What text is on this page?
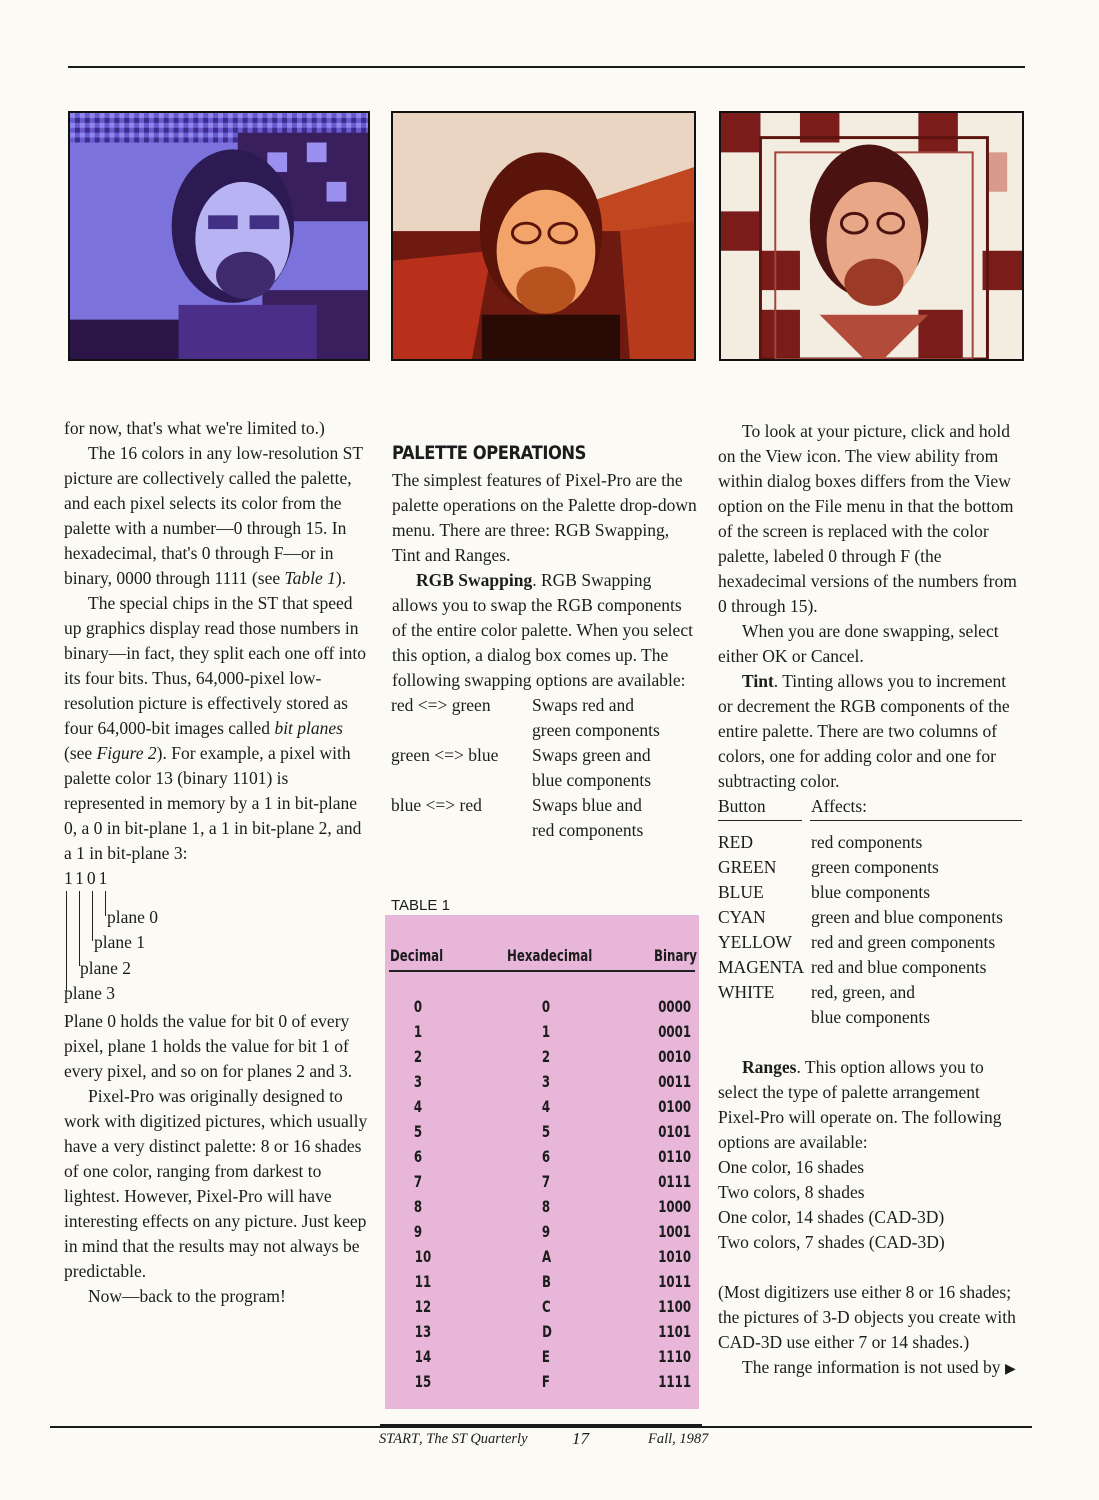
for now, that's what we're limited to.)

The 16 colors in any low-resolution ST picture are collectively called the palette, and each pixel selects its color from the palette with a number—0 through 15. In hexadecimal, that's 0 through F—or in binary, 0000 through 1111 (see Table 1).

The special chips in the ST that speed up graphics display read those numbers in binary—in fact, they split each one off into its four bits. Thus, 64,000-pixel low-resolution picture is effectively stored as four 64,000-bit images called bit planes (see Figure 2). For example, a pixel with palette color 13 (binary 1101) is represented in memory by a 1 in bit-plane 0, a 0 in bit-plane 1, a 1 in bit-plane 2, and a 1 in bit-plane 3:

1101
plane 0
plane 1
plane 2
plane 3

Plane 0 holds the value for bit 0 of every pixel, plane 1 holds the value for bit 1 of every pixel, and so on for planes 2 and 3.

Pixel-Pro was originally designed to work with digitized pictures, which usually have a very distinct palette: 8 or 16 shades of one color, ranging from darkest to lightest. However, Pixel-Pro will have interesting effects on any picture. Just keep in mind that the results may not always be predictable.

Now—back to the program!

PALETTE OPERATIONS

The simplest features of Pixel-Pro are the palette operations on the Palette drop-down menu. There are three: RGB Swapping, Tint and Ranges.

RGB Swapping. RGB Swapping allows you to swap the RGB components of the entire color palette. When you select this option, a dialog box comes up. The following swapping options are available:

red <=> green	Swaps red and
green components
green <=> blue	Swaps green and
blue components
blue <=> red	Swaps blue and
red components
TABLE 1
Decimal	Hexadecimal	Binary
0	0	0000
1	1	0001
2	2	0010
3	3	0011
4	4	0100
5	5	0101
6	6	0110
7	7	0111
8	8	1000
9	9	1001
10	A	1010
11	B	1011
12	C	1100
13	D	1101
14	E	1110
15	F	1111

To look at your picture, click and hold on the View icon. The view ability from within dialog boxes differs from the View option on the File menu in that the bottom of the screen is replaced with the color palette, labeled 0 through F (the hexadecimal versions of the numbers from 0 through 15).

When you are done swapping, select either OK or Cancel.

Tint. Tinting allows you to increment or decrement the RGB components of the entire palette. There are two columns of colors, one for adding color and one for subtracting color.

Button	Affects:
RED	red components
GREEN	green components
BLUE	blue components
CYAN	green and blue components
YELLOW	red and green components
MAGENTA red and blue components
WHITE	red, green, and
blue components

Ranges. This option allows you to select the type of palette arrangement Pixel-Pro will operate on. The following options are available:

One color, 16 shades
Two colors, 8 shades
One color, 14 shades (CAD-3D)
Two colors, 7 shades (CAD-3D)

(Most digitizers use either 8 or 16 shades; the pictures of 3-D objects you create with CAD-3D use either 7 or 14 shades.)

The range information is not used by ▶

START, The ST Quarterly	17	Fall, 1987
